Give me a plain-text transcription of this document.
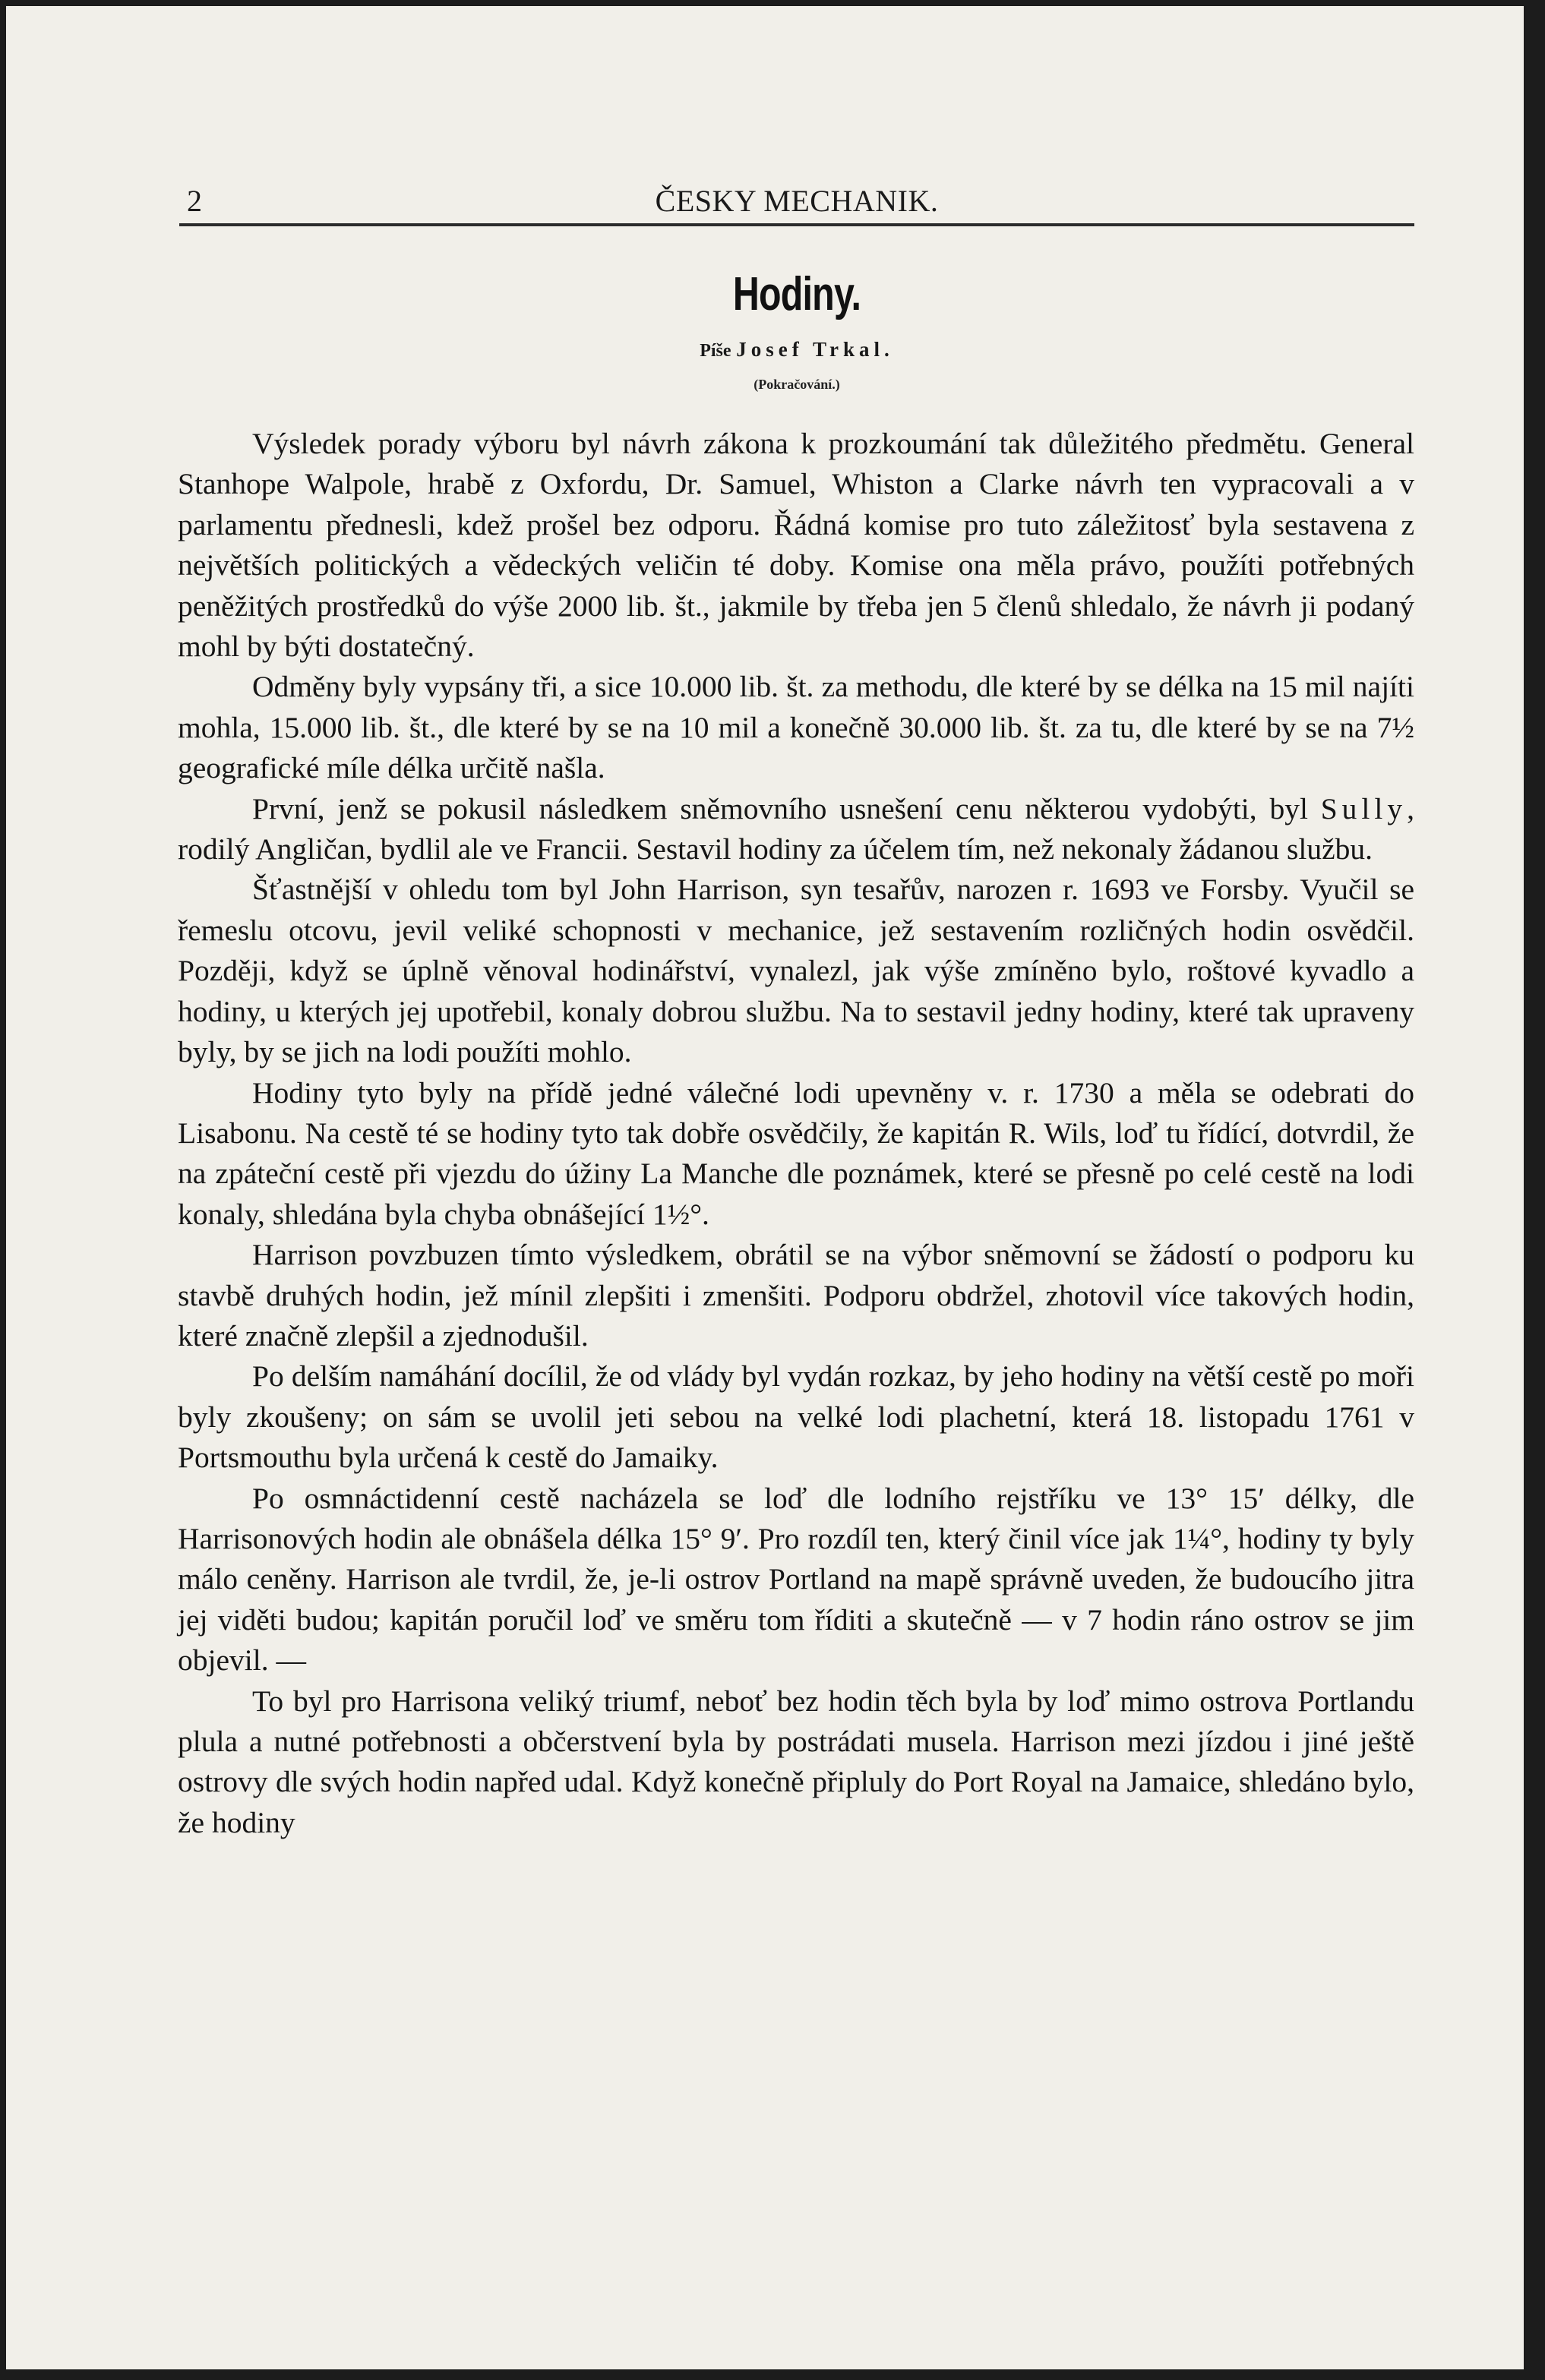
2	ČESKY MECHANIK.
Hodiny.
Píše Josef Trkal.
(Pokračování.)

Výsledek porady výboru byl návrh zákona k prozkoumání tak důležitého předmětu. General Stanhope Walpole, hrabě z Oxfordu, Dr. Samuel, Whiston a Clarke návrh ten vypracovali a v parlamentu přednesli, kdež prošel bez odporu. Řádná komise pro tuto záležitosť byla sestavena z největších politických a vědeckých veličin té doby. Komise ona měla právo, použíti potřebných peněžitých prostředků do výše 2000 lib. št., jakmile by třeba jen 5 členů shledalo, že návrh ji podaný mohl by býti dostatečný.

Odměny byly vypsány tři, a sice 10.000 lib. št. za methodu, dle které by se délka na 15 mil najíti mohla, 15.000 lib. št., dle které by se na 10 mil a konečně 30.000 lib. št. za tu, dle které by se na 7½ geografické míle délka určitě našla.

První, jenž se pokusil následkem sněmovního usnešení cenu některou vydobýti, byl Sully, rodilý Angličan, bydlil ale ve Francii. Sestavil hodiny za účelem tím, než nekonaly žádanou službu.

Šťastnější v ohledu tom byl John Harrison, syn tesařův, narozen r. 1693 ve Forsby. Vyučil se řemeslu otcovu, jevil veliké schopnosti v mechanice, jež sestavením rozličných hodin osvědčil. Později, když se úplně věnoval hodinářství, vynalezl, jak výše zmíněno bylo, roštové kyvadlo a hodiny, u kterých jej upotřebil, konaly dobrou službu. Na to sestavil jedny hodiny, které tak upraveny byly, by se jich na lodi použíti mohlo.

Hodiny tyto byly na přídě jedné válečné lodi upevněny v. r. 1730 a měla se odebrati do Lisabonu. Na cestě té se hodiny tyto tak dobře osvědčily, že kapitán R. Wils, loď tu řídící, dotvrdil, že na zpáteční cestě při vjezdu do úžiny La Manche dle poznámek, které se přesně po celé cestě na lodi konaly, shledána byla chyba obnášející 1½°.

Harrison povzbuzen tímto výsledkem, obrátil se na výbor sněmovní se žádostí o podporu ku stavbě druhých hodin, jež mínil zlepšiti i zmenšiti. Podporu obdržel, zhotovil více takových hodin, které značně zlepšil a zjednodušil.

Po delším namáhání docílil, že od vlády byl vydán rozkaz, by jeho hodiny na větší cestě po moři byly zkoušeny; on sám se uvolil jeti sebou na velké lodi plachetní, která 18. listopadu 1761 v Portsmouthu byla určená k cestě do Jamaiky.

Po osmnáctidenní cestě nacházela se loď dle lodního rejstříku ve 13° 15′ délky, dle Harrisonových hodin ale obnášela délka 15° 9′. Pro rozdíl ten, který činil více jak 1¼°, hodiny ty byly málo ceněny. Harrison ale tvrdil, že, je-li ostrov Portland na mapě správně uveden, že budoucího jitra jej viděti budou; kapitán poručil loď ve směru tom říditi a skutečně — v 7 hodin ráno ostrov se jim objevil. —

To byl pro Harrisona veliký triumf, neboť bez hodin těch byla by loď mimo ostrova Portlandu plula a nutné potřebnosti a občerstvení byla by postrádati musela. Harrison mezi jízdou i jiné ještě ostrovy dle svých hodin napřed udal. Když konečně připluly do Port Royal na Jamaice, shledáno bylo, že hodiny
